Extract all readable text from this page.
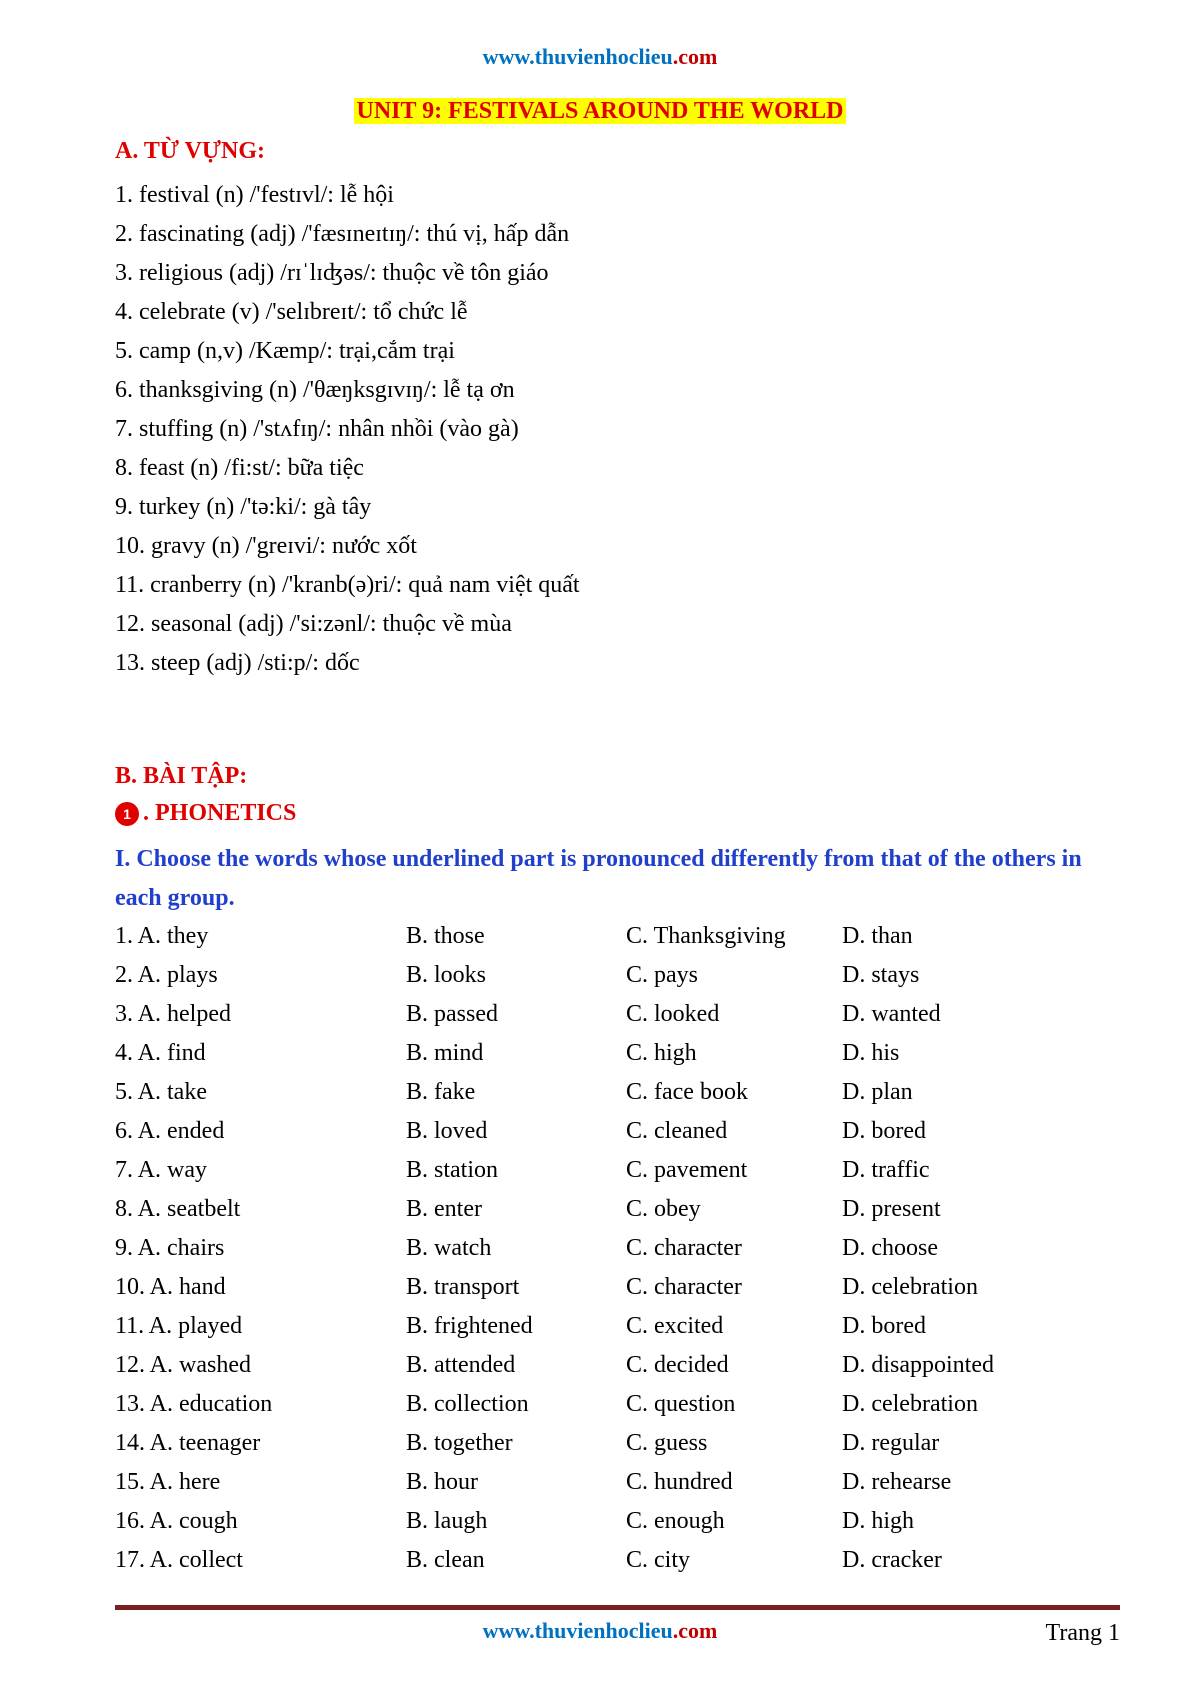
www.thuvienhoclieu.com
UNIT 9: FESTIVALS AROUND THE WORLD
A. TỪ VỰNG:
1. festival (n) /'festɪvl/: lễ hội
2. fascinating (adj) /'fæsɪneɪtɪŋ/: thú vị, hấp dẫn
3. religious (adj) /rɪˈlɪʤəs/: thuộc về tôn giáo
4. celebrate (v) /'selɪbreɪt/: tổ chức lễ
5. camp (n,v) /Kæmp/: trại,cắm trại
6. thanksgiving (n) /'θæŋksgɪvɪŋ/: lễ tạ ơn
7. stuffing (n) /'stʌfɪŋ/: nhân nhồi (vào gà)
8. feast (n) /fi:st/: bữa tiệc
9. turkey (n) /'tə:ki/: gà tây
10. gravy (n) /'greɪvi/: nước xốt
11. cranberry (n) /'kranb(ə)ri/: quả nam việt quất
12. seasonal (adj) /'si:zənl/: thuộc về mùa
13. steep (adj) /sti:p/: dốc
B. BÀI TẬP:
1 . PHONETICS
I. Choose the words whose underlined part is pronounced differently from that of the others in each group.
1. A. they	B. those	C. Thanksgiving D. than
2. A. plays	B. looks	C. pays	D. stays
3. A. helped	B. passed	C. looked	D. wanted
4. A. find	B. mind	C. high	D. his
5. A. take	B. fake	C. face book	D. plan
6. A. ended	B. loved	C. cleaned	D. bored
7. A. way	B. station	C. pavement	D. traffic
8. A. seatbelt	B. enter	C. obey	D. present
9. A. chairs	B. watch	C. character	D. choose
10. A. hand	B. transport	C. character	D. celebration
11. A. played	B. frightened	C. excited	D. bored
12. A. washed	B. attended	C. decided	D. disappointed
13. A. education	B. collection	C. question	D. celebration
14. A. teenager	B. together	C. guess	D. regular
15. A. here	B. hour	C. hundred	D. rehearse
16. A. cough	B. laugh	C. enough	D. high
17. A. collect	B. clean	C. city	D. cracker
www.thuvienhoclieu.com	Trang 1
